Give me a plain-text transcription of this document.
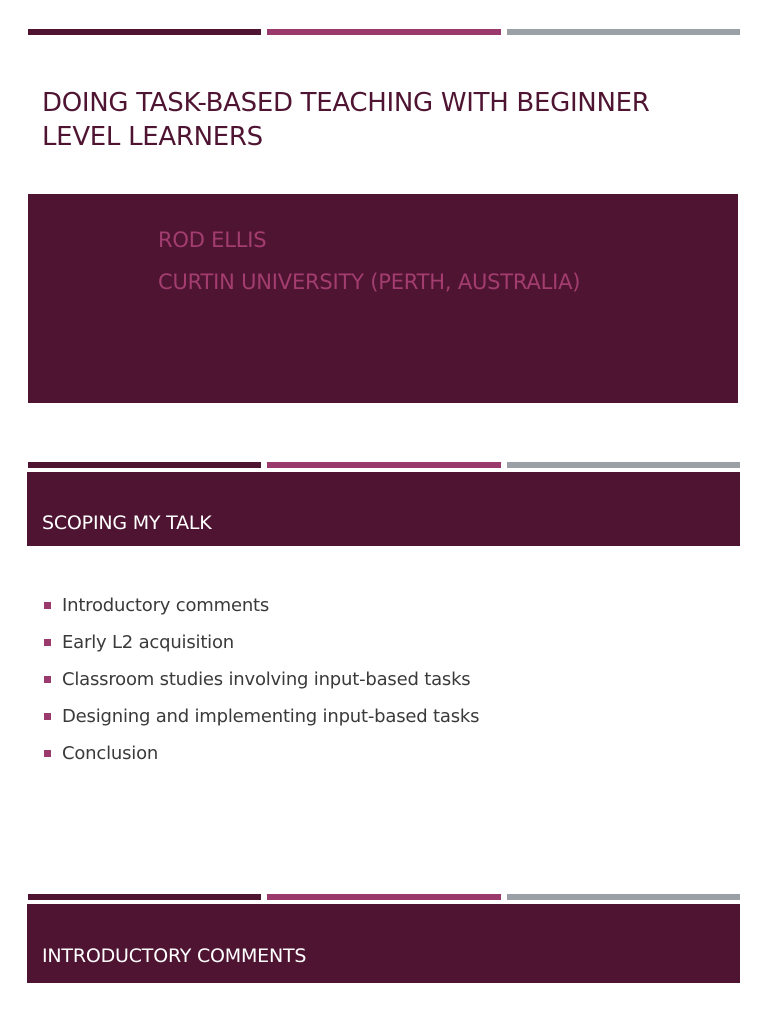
DOING TASK-BASED TEACHING WITH BEGINNER LEVEL LEARNERS
ROD ELLIS
CURTIN UNIVERSITY (PERTH, AUSTRALIA)
SCOPING MY TALK
Introductory comments
Early L2 acquisition
Classroom studies involving input-based tasks
Designing and implementing input-based tasks
Conclusion
INTRODUCTORY COMMENTS
